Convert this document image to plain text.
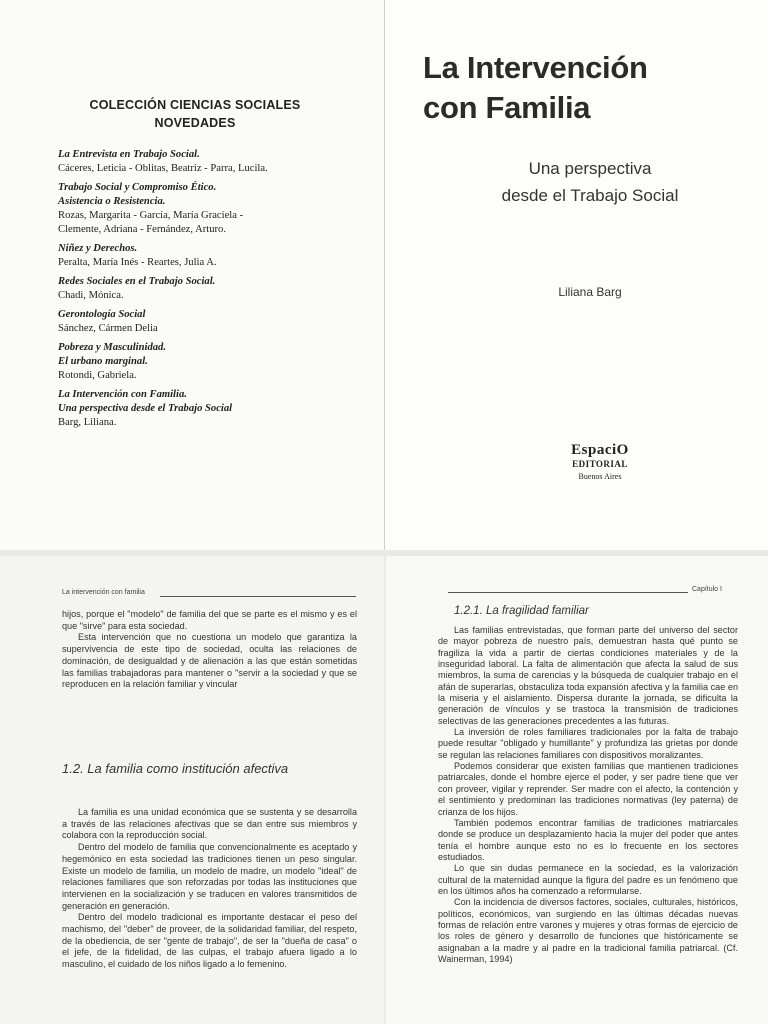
COLECCIÓN CIENCIAS SOCIALES
NOVEDADES
La Entrevista en Trabajo Social.
Cáceres, Leticia - Oblitas, Beatriz - Parra, Lucila.
Trabajo Social y Compromiso Ético.
Asistencia o Resistencia.
Rozas, Margarita - García, María Graciela -
Clemente, Adriana - Fernández, Arturo.
Niñez y Derechos.
Peralta, María Inés - Reartes, Julia A.
Redes Sociales en el Trabajo Social.
Chadi, Mónica.
Gerontología Social
Sánchez, Cármen Delia
Pobreza y Masculinidad.
El urbano marginal.
Rotondi, Gabriela.
La Intervención con Familia.
Una perspectiva desde el Trabajo Social
Barg, Liliana.
La Intervención
con Familia
Una perspectiva
desde el Trabajo Social
Liliana Barg
EspaciO
EDITORIAL
Buenos Aires
La intervención con familia

hijos, porque el "modelo" de familia del que se parte es el mismo y es el que "sirve" para esta sociedad.

Esta intervención que no cuestiona un modelo que garantiza la supervivencia de este tipo de sociedad, oculta las relaciones de dominación, de desigualdad y de alienación a las que están sometidas las familias trabajadoras para mantener o "servir a la sociedad y que se reproducen en la relación familiar y vincular

1.2. La familia como institución afectiva

La familia es una unidad económica que se sustenta y se desarrolla a través de las relaciones afectivas que se dan entre sus miembros y colabora con la reproducción social.

Dentro del modelo de familia que convencionalmente es aceptado y hegemónico en esta sociedad las tradiciones tienen un peso singular. Existe un modelo de familia, un modelo de madre, un modelo "ideal" de relaciones familiares que son reforzadas por todas las instituciones que intervienen en la socialización y se traducen en valores transmitidos de generación en generación.

Dentro del modelo tradicional es importante destacar el peso del machismo, del "deber" de proveer, de la solidaridad familiar, del respeto, de la obediencia, de ser "gente de trabajo", de ser la "dueña de casa" o el jefe, de la fidelidad, de las culpas, el trabajo afuera ligado a lo masculino, el cuidado de los niños ligado a lo femenino.

Capítulo I
1.2.1. La fragilidad familiar

Las familias entrevistadas, que forman parte del universo del sector de mayor pobreza de nuestro país, demuestran hasta qué punto se fragiliza la vida a partir de ciertas condiciones materiales y de la inseguridad laboral. La falta de alimentación que afecta la salud de sus miembros, la suma de carencias y la búsqueda de cualquier trabajo en el afán de superarlas, obstaculiza toda expansión afectiva y la familia cae en la miseria y el aislamiento. Dispersa durante la jornada, se dificulta la generación de vínculos y se trastoca la transmisión de tradiciones selectivas de las generaciones precedentes a las futuras.

La inversión de roles familiares tradicionales por la falta de trabajo puede resultar "obligado y humillante" y profundiza las grietas por donde se regulan las relaciones familiares con dispositivos moralizantes.

Podemos considerar que existen familias que mantienen tradiciones patriarcales, donde el hombre ejerce el poder, y ser padre tiene que ver con proveer, vigilar y reprender. Ser madre con el afecto, la contención y el sentimiento y predominan las tradiciones normativas (ley paterna) de crianza de los hijos.

También podemos encontrar familias de tradiciones matriarcales donde se produce un desplazamiento hacia la mujer del poder que antes tenía el hombre aunque esto no es lo frecuente en los sectores estudiados.

Lo que sin dudas permanece en la sociedad, es la valorización cultural de la maternidad aunque la figura del padre es un fenómeno que en los últimos años ha comenzado a reformularse.

Con la incidencia de diversos factores, sociales, culturales, históricos, políticos, económicos, van surgiendo en las últimas décadas nuevas formas de relación entre varones y mujeres y otras formas de ejercicio de los roles de género y desarrollo de funciones que históricamente se asignaban a la madre y al padre en la tradicional familia patriarcal. (Cf. Wainerman, 1994)
